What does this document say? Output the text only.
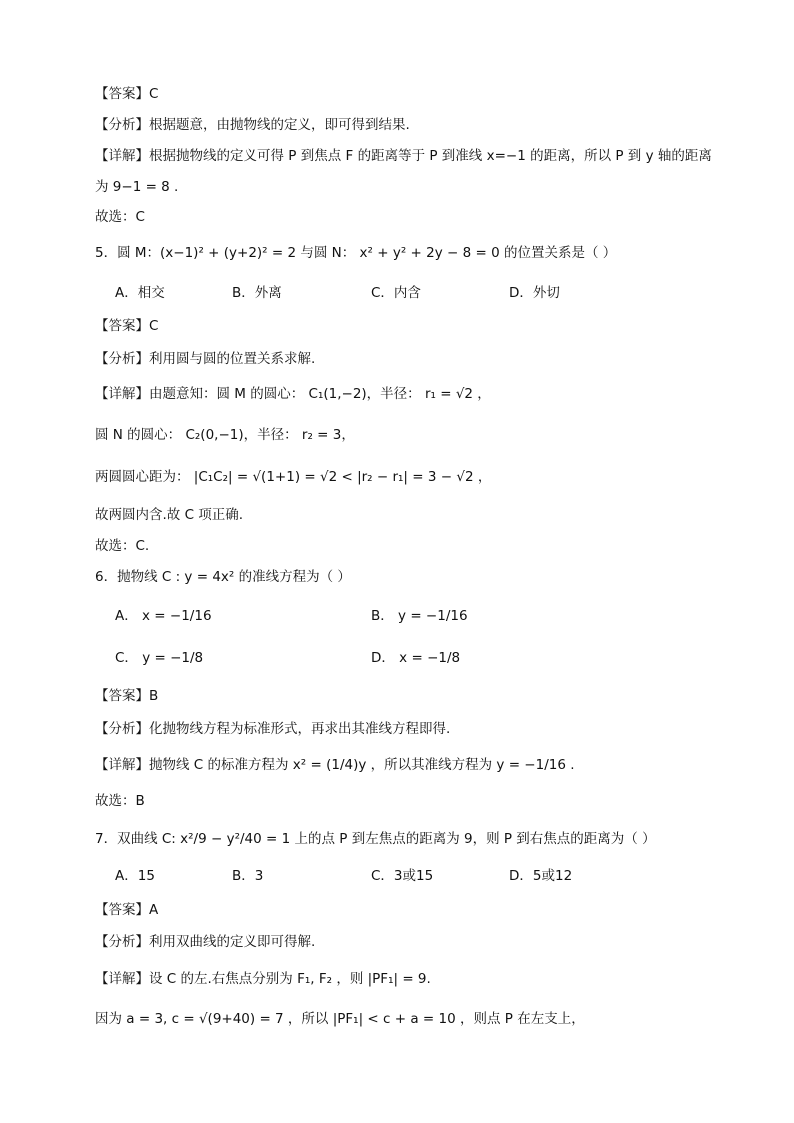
【答案】C
【分析】根据题意，由抛物线的定义，即可得到结果.
【详解】根据抛物线的定义可得 P 到焦点 F 的距离等于 P 到准线 x=−1 的距离，所以 P 到 y 轴的距离
为 9−1 = 8 .
故选：C
5．圆 M：(x−1)² + (y+2)² = 2 与圆 N： x² + y² + 2y − 8 = 0 的位置关系是（ ）
A．相交	B．外离	C．内含	D．外切
【答案】C
【分析】利用圆与圆的位置关系求解.
【详解】由题意知：圆 M 的圆心： C₁(1,−2)，半径： r₁ = √2 ，
圆 N 的圆心： C₂(0,−1)，半径： r₂ = 3，
两圆圆心距为： |C₁C₂| = √(1+1) = √2 < |r₂ − r₁| = 3 − √2 ，
故两圆内含.故 C 项正确.
故选：C.
6．抛物线 C : y = 4x² 的准线方程为（ ）
A． x = −1/16	B． y = −1/16
C． y = −1/8	D． x = −1/8
【答案】B
【分析】化抛物线方程为标准形式，再求出其准线方程即得.
【详解】抛物线 C 的标准方程为 x² = (1/4)y ，所以其准线方程为 y = −1/16 .
故选：B
7．双曲线 C: x²/9 − y²/40 = 1 上的点 P 到左焦点的距离为 9，则 P 到右焦点的距离为（ ）
A．15	B．3	C．3或15	D．5或12
【答案】A
【分析】利用双曲线的定义即可得解.
【详解】设 C 的左.右焦点分别为 F₁, F₂ ，则 |PF₁| = 9.
因为 a = 3, c = √(9+40) = 7 ，所以 |PF₁| < c + a = 10 ，则点 P 在左支上，
